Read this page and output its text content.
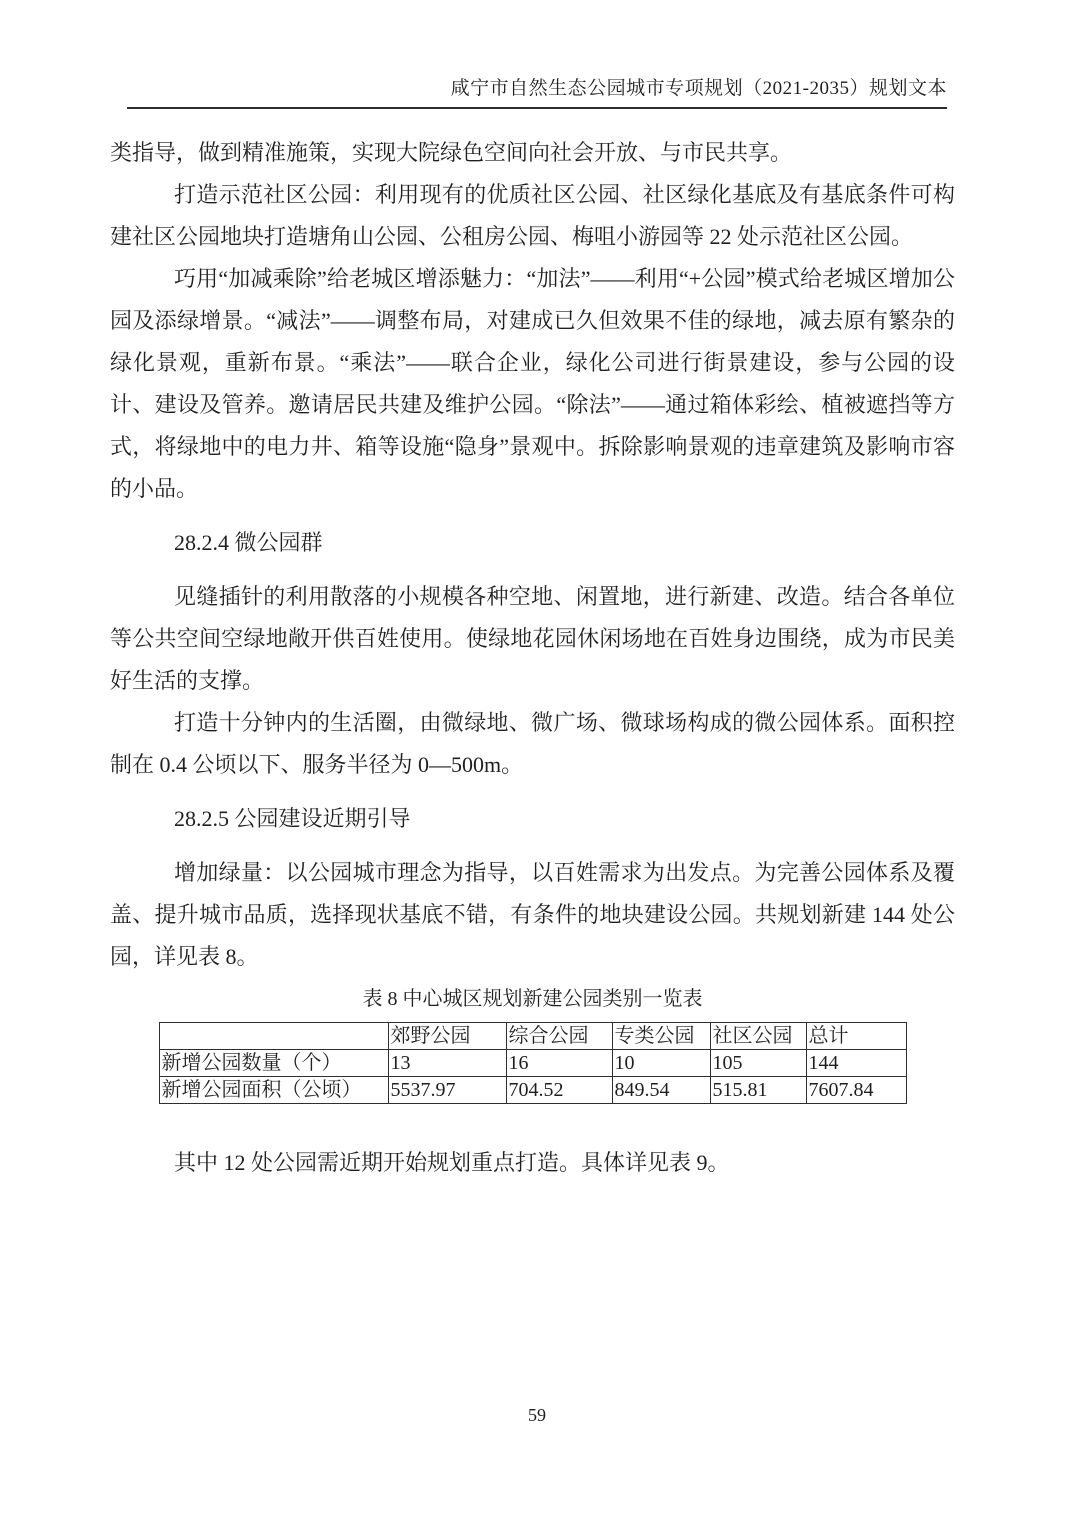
咸宁市自然生态公园城市专项规划（2021-2035）规划文本

类指导，做到精准施策，实现大院绿色空间向社会开放、与市民共享。

打造示范社区公园：利用现有的优质社区公园、社区绿化基底及有基底条件可构建社区公园地块打造塘角山公园、公租房公园、梅咀小游园等 22 处示范社区公园。

巧用“加减乘除”给老城区增添魅力：“加法”——利用“+公园”模式给老城区增加公园及添绿增景。“减法”——调整布局，对建成已久但效果不佳的绿地，减去原有繁杂的绿化景观，重新布景。“乘法”——联合企业，绿化公司进行街景建设，参与公园的设计、建设及管养。邀请居民共建及维护公园。“除法”——通过箱体彩绘、植被遮挡等方式，将绿地中的电力井、箱等设施“隐身”景观中。拆除影响景观的违章建筑及影响市容的小品。

28.2.4 微公园群

见缝插针的利用散落的小规模各种空地、闲置地，进行新建、改造。结合各单位等公共空间空绿地敞开供百姓使用。使绿地花园休闲场地在百姓身边围绕，成为市民美好生活的支撑。

打造十分钟内的生活圈，由微绿地、微广场、微球场构成的微公园体系。面积控制在 0.4 公顷以下、服务半径为 0—500m。

28.2.5 公园建设近期引导

增加绿量：以公园城市理念为指导，以百姓需求为出发点。为完善公园体系及覆盖、提升城市品质，选择现状基底不错，有条件的地块建设公园。共规划新建 144 处公园，详见表 8。

表 8 中心城区规划新建公园类别一览表
	郊野公园	综合公园	专类公园	社区公园	总计
新增公园数量（个）	13	16	10	105	144
新增公园面积（公顷）	5537.97	704.52	849.54	515.81	7607.84

其中 12 处公园需近期开始规划重点打造。具体详见表 9。

59
